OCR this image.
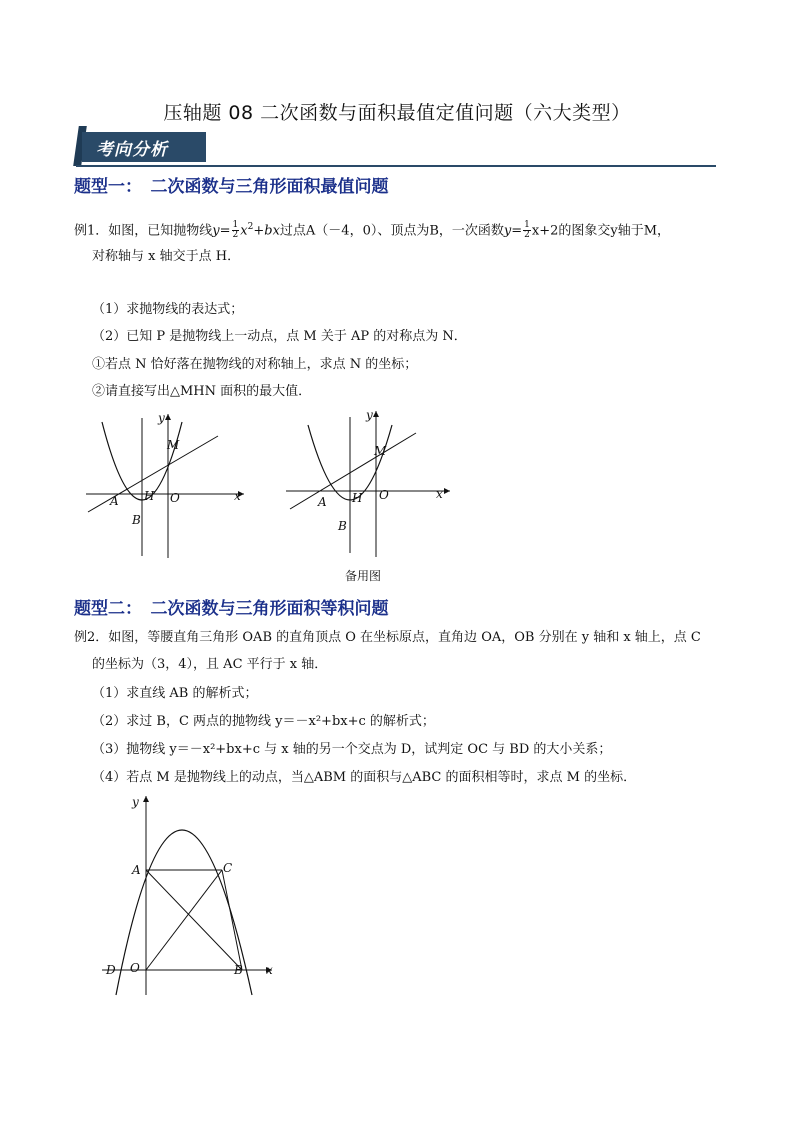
压轴题 08 二次函数与面积最值定值问题（六大类型）
考向分析
题型一：　二次函数与三角形面积最值问题
例1．如图，已知抛物线$y= \frac{1}{2} x^2+bx$过点A（－4，0）、顶点为B，一次函数$y= \frac{1}{2} x+2$的图象交y轴于M，
对称轴与 x 轴交于点 H．
（1）求抛物线的表达式；
（2）已知 P 是抛物线上一动点，点 M 关于 AP 的对称点为 N．
①若点 N 恰好落在抛物线的对称轴上，求点 N 的坐标；
②请直接写出△MHN 面积的最大值．
y
x
M
A H O
B
y
x
M
A H O
B
备用图
题型二：　二次函数与三角形面积等积问题
例2．如图，等腰直角三角形 OAB 的直角顶点 O 在坐标原点，直角边 OA，OB 分别在 y 轴和 x 轴上，点 C
的坐标为（3，4），且 AC 平行于 x 轴．
（1）求直线 AB 的解析式；
（2）求过 B，C 两点的抛物线 y＝－x²+bx+c 的解析式；
（3）抛物线 y＝－x²+bx+c 与 x 轴的另一个交点为 D，试判定 OC 与 BD 的大小关系；
（4）若点 M 是抛物线上的动点，当△ABM 的面积与△ABC 的面积相等时，求点 M 的坐标．
y
x
A	C
D O	B
